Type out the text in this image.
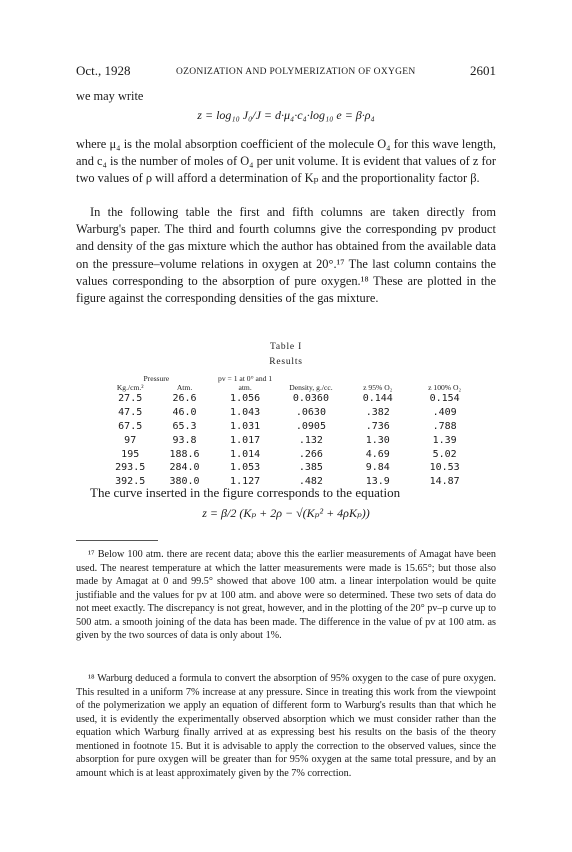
Oct., 1928	OZONIZATION AND POLYMERIZATION OF OXYGEN	2601

we may write

z = log₁₀ J₀/J = d·μ₄·c₄·log₁₀ e = β·ρ₄

where μ₄ is the molal absorption coefficient of the molecule O₄ for this wave length, and c₄ is the number of moles of O₄ per unit volume. It is evident that values of z for two values of ρ will afford a determination of Kₚ and the proportionality factor β.

In the following table the first and fifth columns are taken directly from Warburg's paper. The third and fourth columns give the corresponding pv product and density of the gas mixture which the author has obtained from the available data on the pressure–volume relations in oxygen at 20°.¹⁷ The last column contains the values corresponding to the absorption of pure oxygen.¹⁸ These are plotted in the figure against the corresponding densities of the gas mixture.

Table I
Results
Pressure		pv = 1 at 0° and 1 atm.	Density, g./cc.	z 95% O₂	z 100% O₂
Kg./cm.²	Atm.				
27.5	26.6	1.056	0.0360	0.144	0.154
47.5	46.0	1.043	.0630	.382	.409
67.5	65.3	1.031	.0905	.736	.788
97	93.8	1.017	.132	1.30	1.39
195	188.6	1.014	.266	4.69	5.02
293.5	284.0	1.053	.385	9.84	10.53
392.5	380.0	1.127	.482	13.9	14.87

The curve inserted in the figure corresponds to the equation

z = β/2 (Kₚ + 2ρ − √(Kₚ² + 4ρKₚ))

¹⁷ Below 100 atm. there are recent data; above this the earlier measurements of Amagat have been used. The nearest temperature at which the latter measurements were made is 15.65°; but those also made by Amagat at 0 and 99.5° showed that above 100 atm. a linear interpolation would be quite justifiable and the values for pv at 100 atm. and above were so determined. These two sets of data do not meet exactly. The discrepancy is not great, however, and in the plotting of the 20° pv–p curve up to 500 atm. a smooth joining of the data has been made. The difference in the value of pv at 100 atm. as given by the two sources of data is only about 1%.

¹⁸ Warburg deduced a formula to convert the absorption of 95% oxygen to the case of pure oxygen. This resulted in a uniform 7% increase at any pressure. Since in treating this work from the viewpoint of the polymerization we apply an equation of different form to Warburg's results than that which he used, it is evidently the experimentally observed absorption which we must consider rather than the equation which Warburg finally arrived at as expressing best his results on the basis of the theory mentioned in footnote 15. But it is advisable to apply the correction to the observed values, since the absorption for pure oxygen will be greater than for 95% oxygen at the same total pressure, and by an amount which is at least approximately given by the 7% correction.
